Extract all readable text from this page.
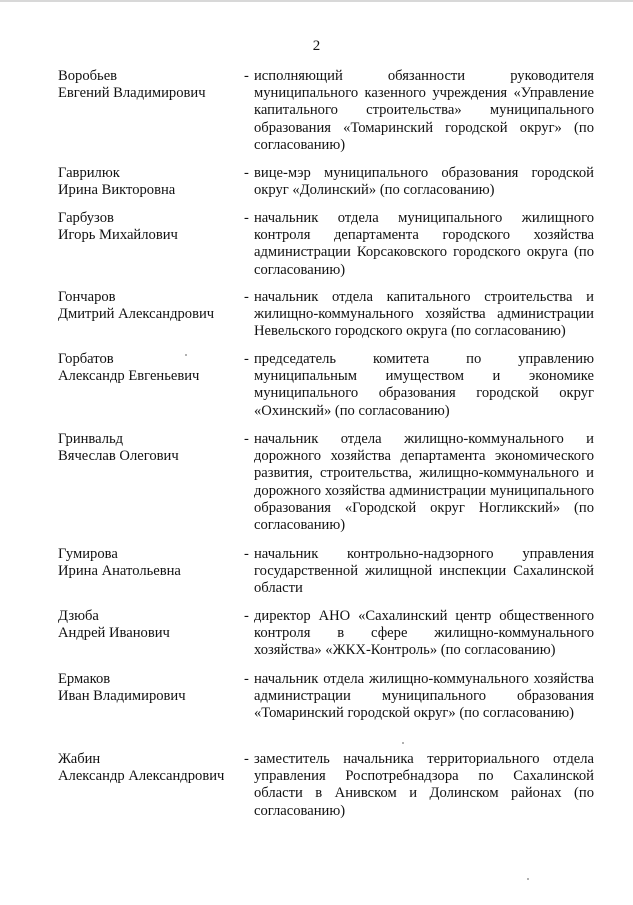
2
Воробьев
Евгений Владимирович
- исполняющий обязанности руководителя муниципального казенного учреждения «Управление капитального строительства» муниципального образования «Томаринский городской округ» (по согласованию)
Гаврилюк
Ирина Викторовна
- вице-мэр муниципального образования городской округ «Долинский» (по согласованию)
Гарбузов
Игорь Михайлович
- начальник отдела муниципального жилищного контроля департамента городского хозяйства администрации Корсаковского городского округа (по согласованию)
Гончаров
Дмитрий Александрович
- начальник отдела капитального строительства и жилищно-коммунального хозяйства администрации Невельского городского округа (по согласованию)
Горбатов
Александр Евгеньевич
- председатель комитета по управлению муниципальным имуществом и экономике муниципального образования городской округ «Охинский» (по согласованию)
Гринвальд
Вячеслав Олегович
- начальник отдела жилищно-коммунального и дорожного хозяйства департамента экономического развития, строительства, жилищно-коммунального и дорожного хозяйства администрации муниципального образования «Городской округ Ногликский» (по согласованию)
Гумирова
Ирина Анатольевна
- начальник контрольно-надзорного управления государственной жилищной инспекции Сахалинской области
Дзюба
Андрей Иванович
- директор АНО «Сахалинский центр общественного контроля в сфере жилищно-коммунального хозяйства» «ЖКХ-Контроль» (по согласованию)
Ермаков
Иван Владимирович
- начальник отдела жилищно-коммунального хозяйства администрации муниципального образования «Томаринский городской округ» (по согласованию)
Жабин
Александр Александрович
- заместитель начальника территориального отдела управления Роспотребнадзора по Сахалинской области в Анивском и Долинском районах (по согласованию)
